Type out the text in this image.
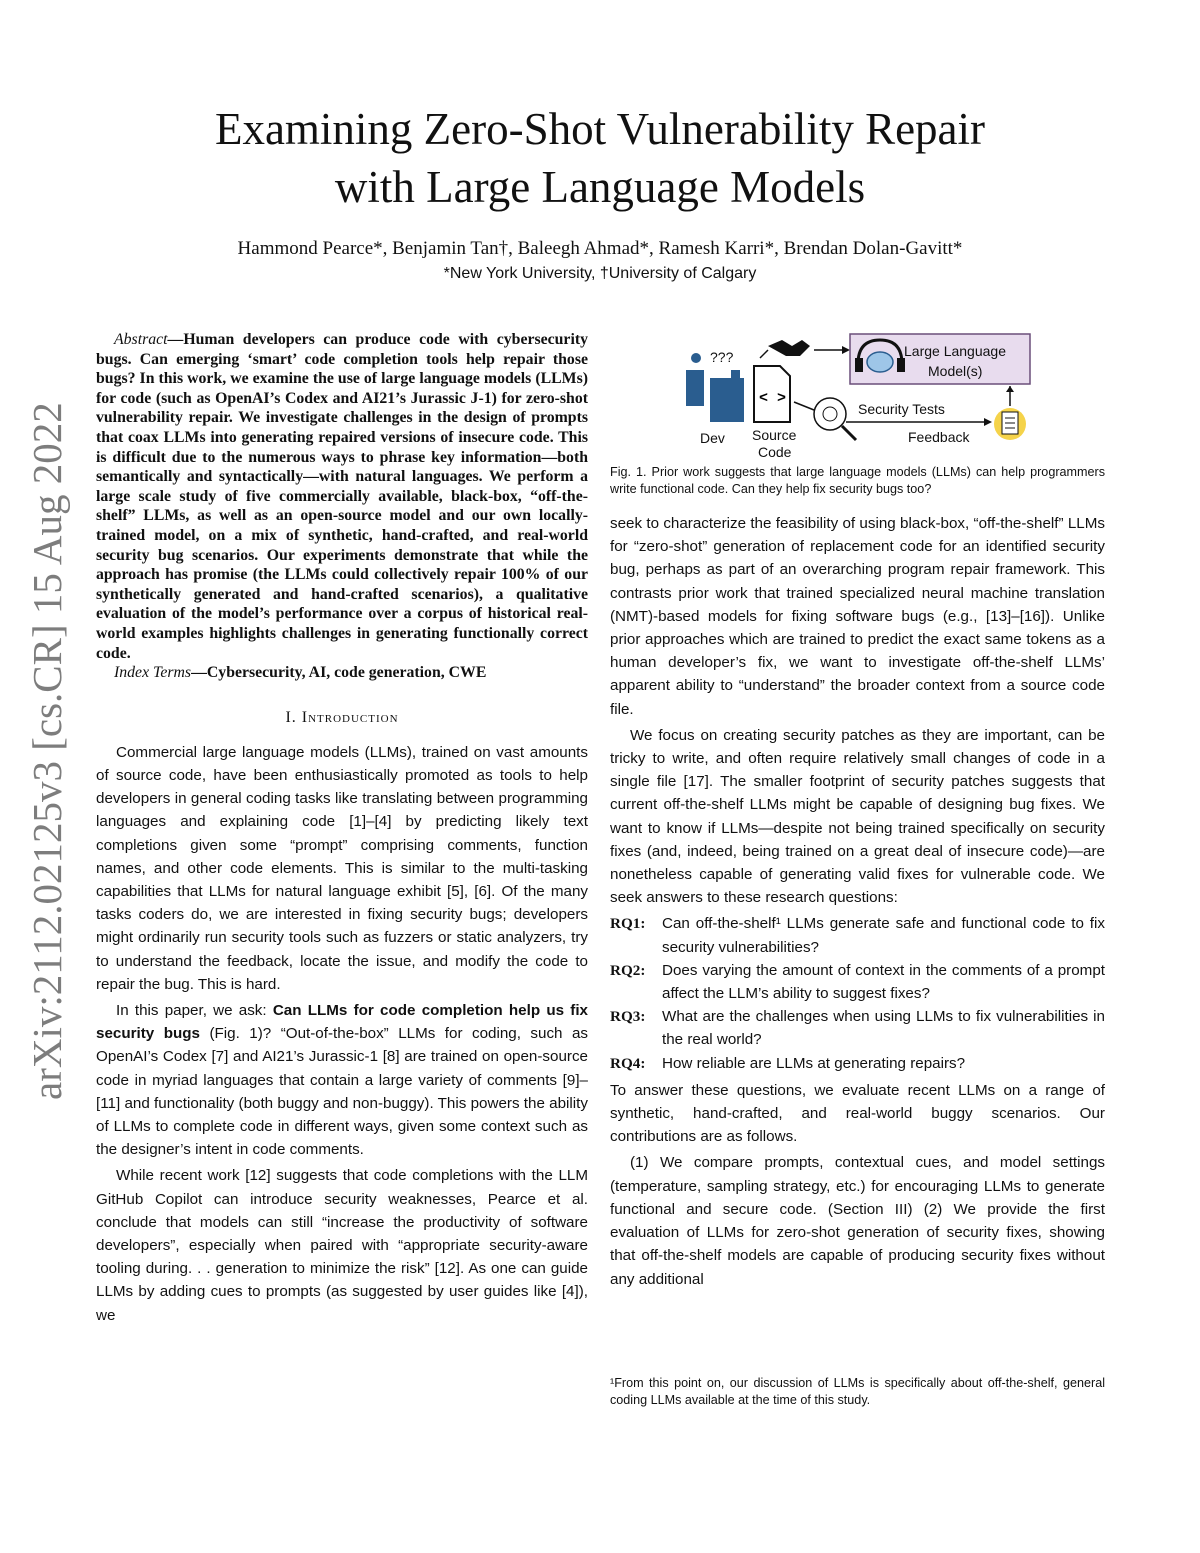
Examining Zero-Shot Vulnerability Repair
with Large Language Models
Hammond Pearce*, Benjamin Tan†, Baleegh Ahmad*, Ramesh Karri*, Brendan Dolan-Gavitt*
*New York University, †University of Calgary
arXiv:2112.02125v3 [cs.CR] 15 Aug 2022
???
Dev
< >
Source
Code
Large Language
Model(s)
Security Tests
Feedback
Fig. 1. Prior work suggests that large language models (LLMs) can help programmers write functional code. Can they help fix security bugs too?

Abstract—Human developers can produce code with cybersecurity bugs. Can emerging ‘smart’ code completion tools help repair those bugs? In this work, we examine the use of large language models (LLMs) for code (such as OpenAI’s Codex and AI21’s Jurassic J-1) for zero-shot vulnerability repair. We investigate challenges in the design of prompts that coax LLMs into generating repaired versions of insecure code. This is difficult due to the numerous ways to phrase key information—both semantically and syntactically—with natural languages. We perform a large scale study of five commercially available, black-box, “off-the-shelf” LLMs, as well as an open-source model and our own locally-trained model, on a mix of synthetic, hand-crafted, and real-world security bug scenarios. Our experiments demonstrate that while the approach has promise (the LLMs could collectively repair 100% of our synthetically generated and hand-crafted scenarios), a qualitative evaluation of the model’s performance over a corpus of historical real-world examples highlights challenges in generating functionally correct code.

Index Terms—Cybersecurity, AI, code generation, CWE

I. Introduction

Commercial large language models (LLMs), trained on vast amounts of source code, have been enthusiastically promoted as tools to help developers in general coding tasks like translating between programming languages and explaining code [1]–[4] by predicting likely text completions given some “prompt” comprising comments, function names, and other code elements. This is similar to the multi-tasking capabilities that LLMs for natural language exhibit [5], [6]. Of the many tasks coders do, we are interested in fixing security bugs; developers might ordinarily run security tools such as fuzzers or static analyzers, try to understand the feedback, locate the issue, and modify the code to repair the bug. This is hard.

In this paper, we ask: Can LLMs for code completion help us fix security bugs (Fig. 1)? “Out-of-the-box” LLMs for coding, such as OpenAI’s Codex [7] and AI21’s Jurassic-1 [8] are trained on open-source code in myriad languages that contain a large variety of comments [9]–[11] and functionality (both buggy and non-buggy). This powers the ability of LLMs to complete code in different ways, given some context such as the designer’s intent in code comments.

While recent work [12] suggests that code completions with the LLM GitHub Copilot can introduce security weaknesses, Pearce et al. conclude that models can still “increase the productivity of software developers”, especially when paired with “appropriate security-aware tooling during. . . generation to minimize the risk” [12]. As one can guide LLMs by adding cues to prompts (as suggested by user guides like [4]), we

seek to characterize the feasibility of using black-box, “off-the-shelf” LLMs for “zero-shot” generation of replacement code for an identified security bug, perhaps as part of an overarching program repair framework. This contrasts prior work that trained specialized neural machine translation (NMT)-based models for fixing software bugs (e.g., [13]–[16]). Unlike prior approaches which are trained to predict the exact same tokens as a human developer’s fix, we want to investigate off-the-shelf LLMs’ apparent ability to “understand” the broader context from a source code file.

We focus on creating security patches as they are important, can be tricky to write, and often require relatively small changes of code in a single file [17]. The smaller footprint of security patches suggests that current off-the-shelf LLMs might be capable of designing bug fixes. We want to know if LLMs—despite not being trained specifically on security fixes (and, indeed, being trained on a great deal of insecure code)—are nonetheless capable of generating valid fixes for vulnerable code. We seek answers to these research questions:

RQ1:	Can off-the-shelf¹ LLMs generate safe and functional code to fix security vulnerabilities?
RQ2:	Does varying the amount of context in the comments of a prompt affect the LLM’s ability to suggest fixes?
RQ3:	What are the challenges when using LLMs to fix vulnerabilities in the real world?
RQ4:	How reliable are LLMs at generating repairs?

To answer these questions, we evaluate recent LLMs on a range of synthetic, hand-crafted, and real-world buggy scenarios. Our contributions are as follows.

(1) We compare prompts, contextual cues, and model settings (temperature, sampling strategy, etc.) for encouraging LLMs to generate functional and secure code. (Section III) (2) We provide the first evaluation of LLMs for zero-shot generation of security fixes, showing that off-the-shelf models are capable of producing security fixes without any additional

¹From this point on, our discussion of LLMs is specifically about off-the-shelf, general coding LLMs available at the time of this study.
